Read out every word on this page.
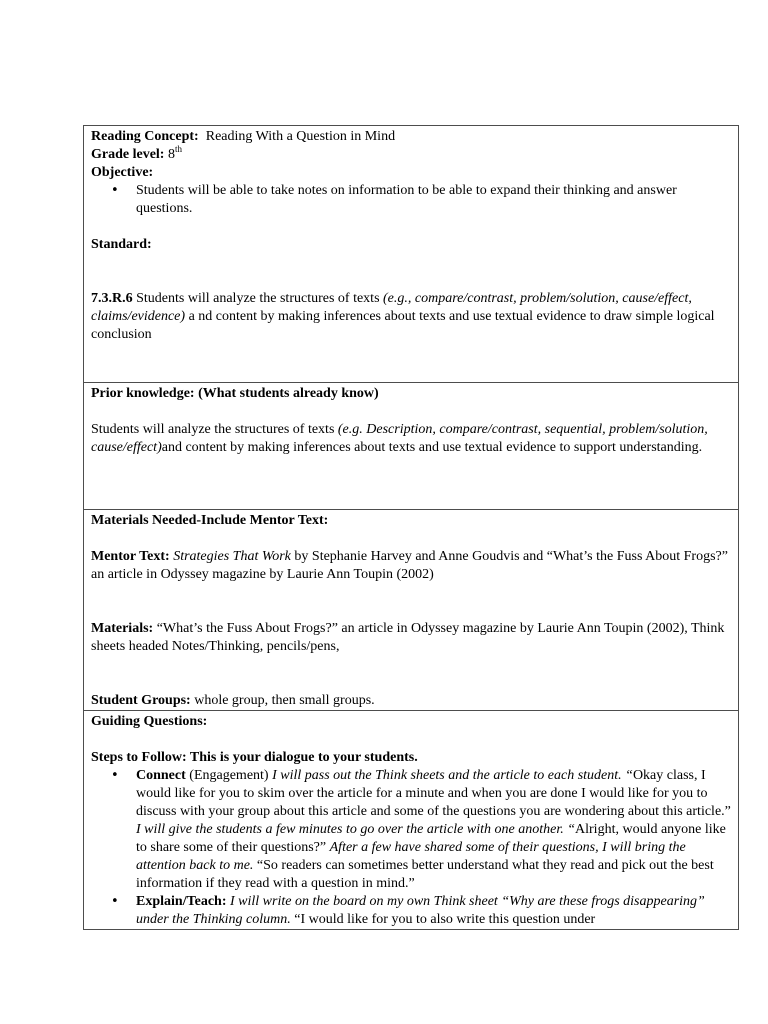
Reading Concept: Reading With a Question in Mind

Grade level: 8th

Objective:

• Students will be able to take notes on information to be able to expand their thinking and answer questions.

Standard:

7.3.R.6 Students will analyze the structures of texts (e.g., compare/contrast, problem/solution, cause/effect, claims/evidence) a nd content by making inferences about texts and use textual evidence to draw simple logical conclusion

Prior knowledge: (What students already know)

Students will analyze the structures of texts (e.g. Description, compare/contrast, sequential, problem/solution, cause/effect)and content by making inferences about texts and use textual evidence to support understanding.

Materials Needed-Include Mentor Text:

Mentor Text: Strategies That Work by Stephanie Harvey and Anne Goudvis and “What’s the Fuss About Frogs?” an article in Odyssey magazine by Laurie Ann Toupin (2002)

Materials: “What’s the Fuss About Frogs?” an article in Odyssey magazine by Laurie Ann Toupin (2002), Think sheets headed Notes/Thinking, pencils/pens,

Student Groups: whole group, then small groups.

Guiding Questions:

Steps to Follow: This is your dialogue to your students.

• Connect (Engagement) I will pass out the Think sheets and the article to each student. “Okay class, I would like for you to skim over the article for a minute and when you are done I would like for you to discuss with your group about this article and some of the questions you are wondering about this article.” I will give the students a few minutes to go over the article with one another. “Alright, would anyone like to share some of their questions?” After a few have shared some of their questions, I will bring the attention back to me. “So readers can sometimes better understand what they read and pick out the best information if they read with a question in mind.”
• Explain/Teach: I will write on the board on my own Think sheet “Why are these frogs disappearing” under the Thinking column. “I would like for you to also write this question under
